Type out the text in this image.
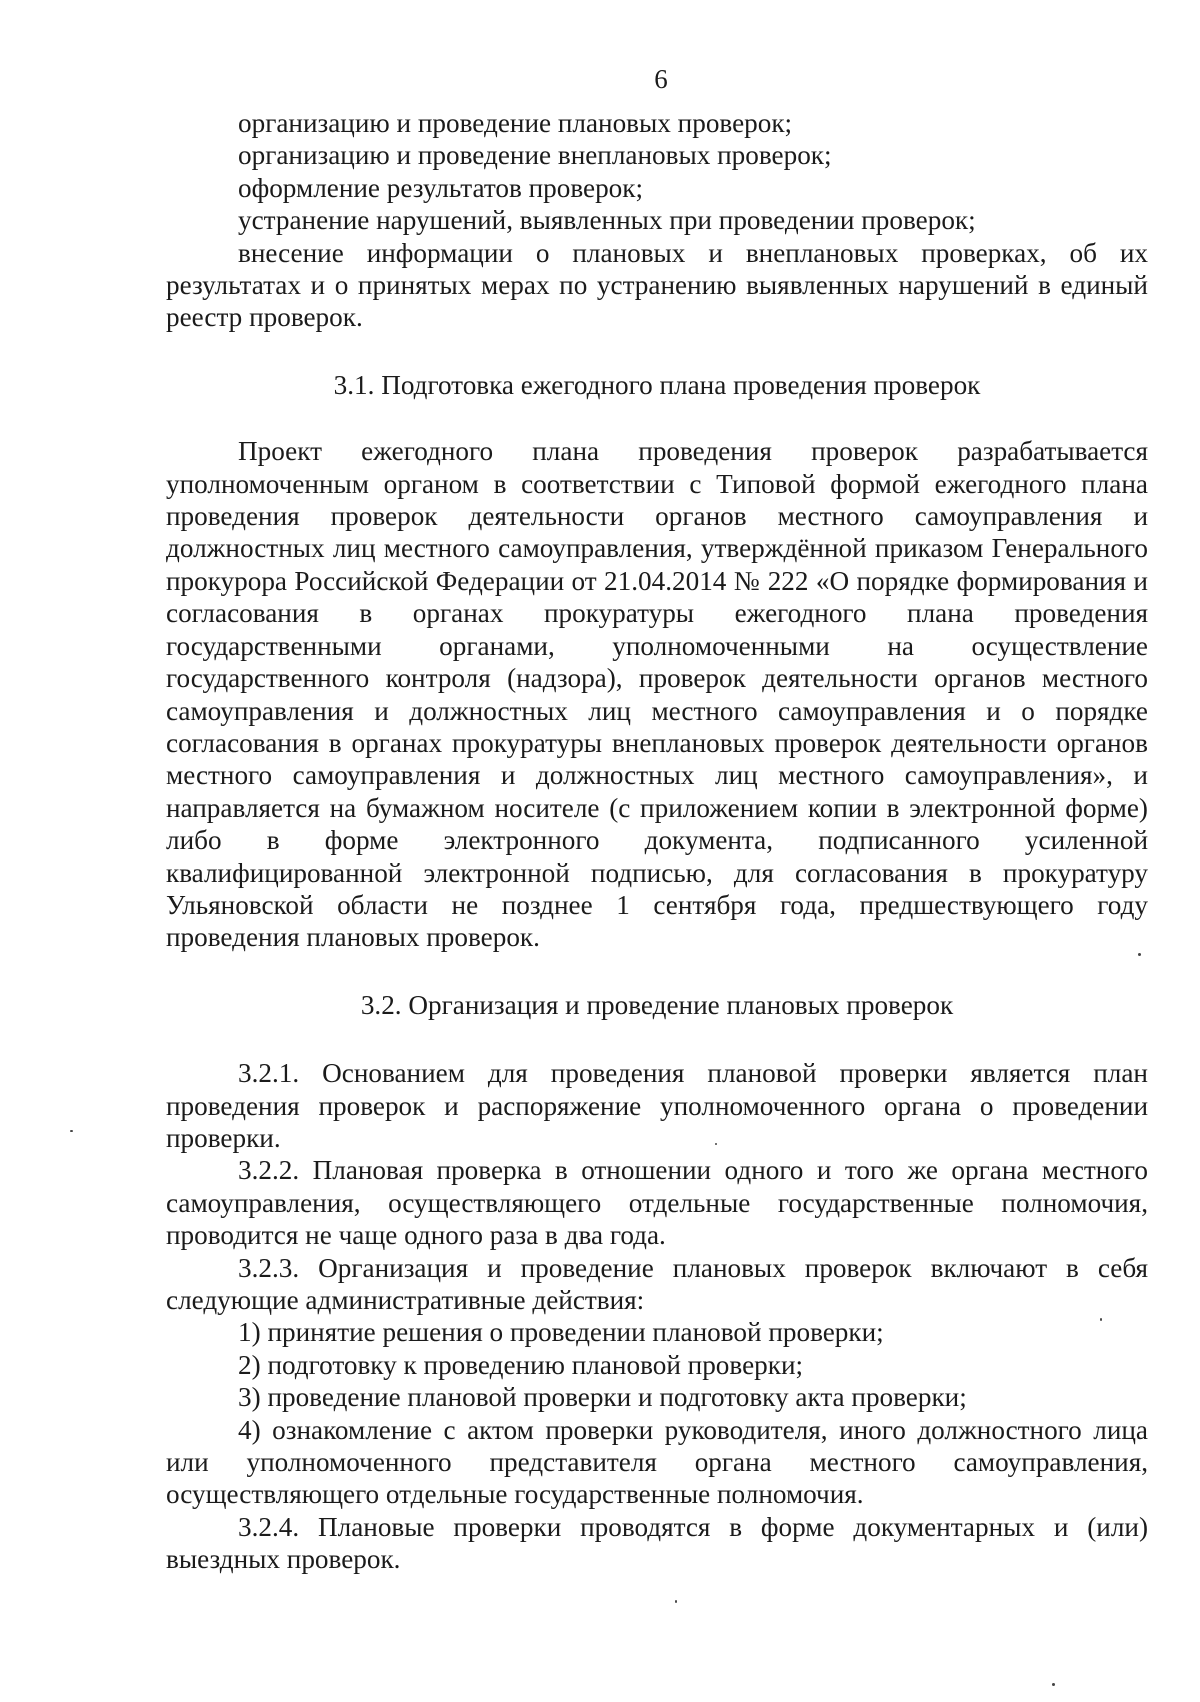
6

организацию и проведение плановых проверок;

организацию и проведение внеплановых проверок;

оформление результатов проверок;

устранение нарушений, выявленных при проведении проверок;

внесение информации о плановых и внеплановых проверках, об их результатах и о принятых мерах по устранению выявленных нарушений в единый реестр проверок.

3.1. Подготовка ежегодного плана проведения проверок

Проект ежегодного плана проведения проверок разрабатывается уполномоченным органом в соответствии с Типовой формой ежегодного плана проведения проверок деятельности органов местного самоуправления и должностных лиц местного самоуправления, утверждённой приказом Генерального прокурора Российской Федерации от 21.04.2014 № 222 «О порядке формирования и согласования в органах прокуратуры ежегодного плана проведения государственными органами, уполномоченными на осуществление государственного контроля (надзора), проверок деятельности органов местного самоуправления и должностных лиц местного самоуправления и о порядке согласования в органах прокуратуры внеплановых проверок деятельности органов местного самоуправления и должностных лиц местного самоуправления», и направляется на бумажном носителе (с приложением копии в электронной форме) либо в форме электронного документа, подписанного усиленной квалифицированной электронной подписью, для согласования в прокуратуру Ульяновской области не позднее 1 сентября года, предшествующего году проведения плановых проверок.

3.2. Организация и проведение плановых проверок

3.2.1. Основанием для проведения плановой проверки является план проведения проверок и распоряжение уполномоченного органа о проведении проверки.

3.2.2. Плановая проверка в отношении одного и того же органа местного самоуправления, осуществляющего отдельные государственные полномочия, проводится не чаще одного раза в два года.

3.2.3. Организация и проведение плановых проверок включают в себя следующие административные действия:

1) принятие решения о проведении плановой проверки;

2) подготовку к проведению плановой проверки;

3) проведение плановой проверки и подготовку акта проверки;

4) ознакомление с актом проверки руководителя, иного должностного лица или уполномоченного представителя органа местного самоуправления, осуществляющего отдельные государственные полномочия.

3.2.4. Плановые проверки проводятся в форме документарных и (или) выездных проверок.
